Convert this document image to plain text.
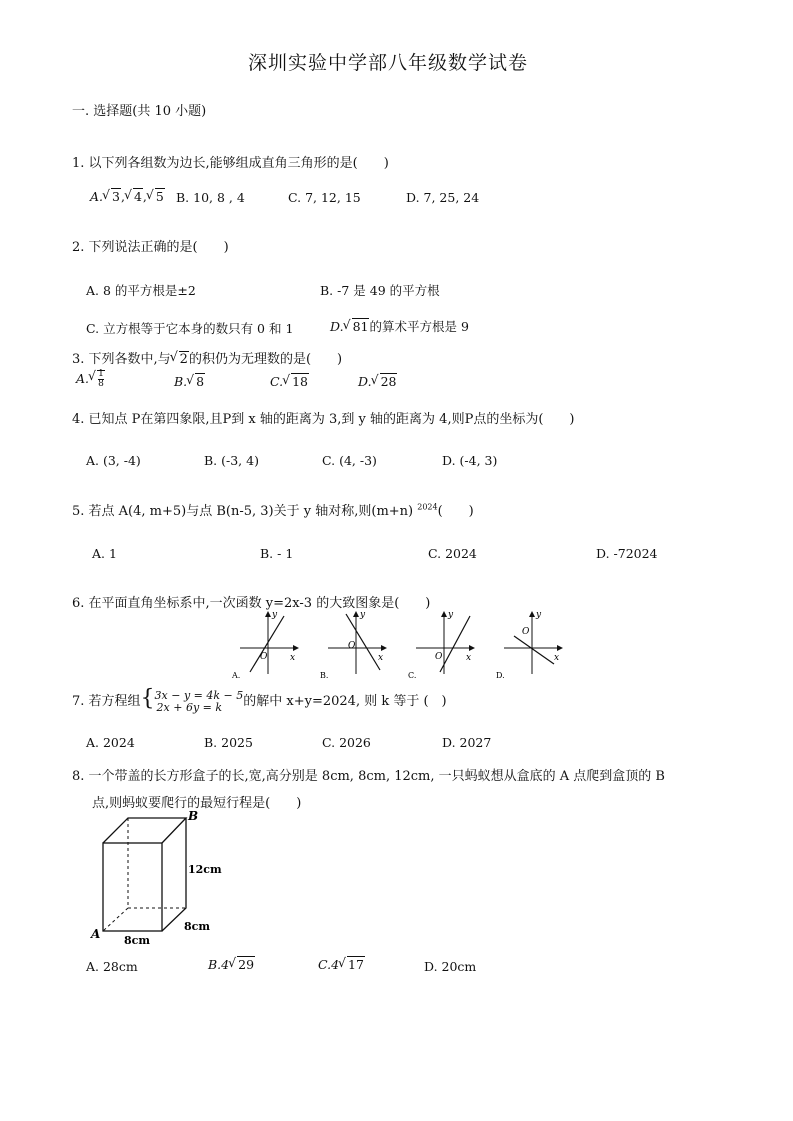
深圳实验中学部八年级数学试卷
一. 选择题(共 10 小题)
1. 以下列各组数为边长,能够组成直角三角形的是(　　)
A. √ 3, √ 4, √ 5 B. 10, 8 , 4	C. 7, 12, 15	D. 7, 25, 24
2. 下列说法正确的是(　　)
A. 8 的平方根是±2	B. -7 是 49 的平方根
C. 立方根等于它本身的数只有 0 和 1	D. √ 81的算术平方根是 9
3. 下列各数中,与 √ 2的积仍为无理数的是(　　)
A. √ $\frac{1}{8}$	B. √ 8	C. √ 18	D. √ 28
4. 已知点 P在第四象限,且P到 x 轴的距离为 3,到 y 轴的距离为 4,则P点的坐标为(　　)
A. (3, -4)	B. (-3, 4)	C. (4, -3)	D. (-4, 3)
5. 若点 A(4, m+5)与点 B(n-5, 3)关于 y 轴对称,则(m+n) $^{2024}$(　　)
A. 1	B. - 1	C. 2024	D. -72024
6. 在平面直角坐标系中,一次函数 y=2x-3 的大致图象是(　　)
x
y
O
A.
x
y
O
B.
x
y
O
C.
x
y
O
D.
7. 若方程组{3x − y = 4k − 5
2x + 6y = k 的解中 x+y=2024, 则 k 等于 (　)
A. 2024	B. 2025	C. 2026	D. 2027
8. 一个带盖的长方形盒子的长,宽,高分别是 8cm, 8cm, 12cm, 一只蚂蚁想从盒底的 A 点爬到盒顶的 B
点,则蚂蚁要爬行的最短行程是(　　)
B
A
12cm
8cm
8cm
A. 28cm	B.4 √ 29	C.4 √ 17	D. 20cm
